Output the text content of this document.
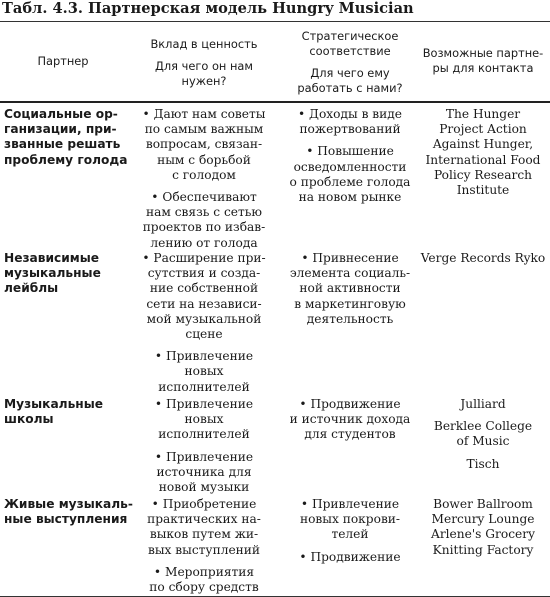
Табл. 4.3. Партнерская модель Hungry Musician
Партнер
Вклад в ценность
Для чего он нам
нужен?
Стратегическое
соответствие
Для чего ему
работать с нами?
Возможные партне-
ры для контакта
Социальные ор-
ганизации, при-
званные решать
проблему голода
• Дают нам советы
по самым важным
вопросам, связан-
ным с борьбой
с голодом
• Обеспечивают
нам связь с сетью
проектов по избав-
лению от голода
• Доходы в виде
пожертвований
• Повышение
осведомленности
о проблеме голода
на новом рынке
The Hunger
Project Action
Against Hunger,
International Food
Policy Research
Institute
Независимые
музыкальные
лейблы
• Расширение при-
сутствия и созда-
ние собственной
сети на независи-
мой музыкальной
сцене
• Привлечение
новых
исполнителей
• Привнесение
элемента социаль-
ной активности
в маркетинговую
деятельность
Verge Records Ryko
Музыкальные
школы
• Привлечение
новых
исполнителей
• Привлечение
источника для
новой музыки
• Продвижение
и источник дохода
для студентов
Julliard
Berklee College
of Music
Tisch
Живые музыкаль-
ные выступления
• Приобретение
практических на-
выков путем жи-
вых выступлений
• Мероприятия
по сбору средств
• Привлечение
новых покрови-
телей
• Продвижение
Bower Ballroom
Mercury Lounge
Arlene's Grocery
Knitting Factory
